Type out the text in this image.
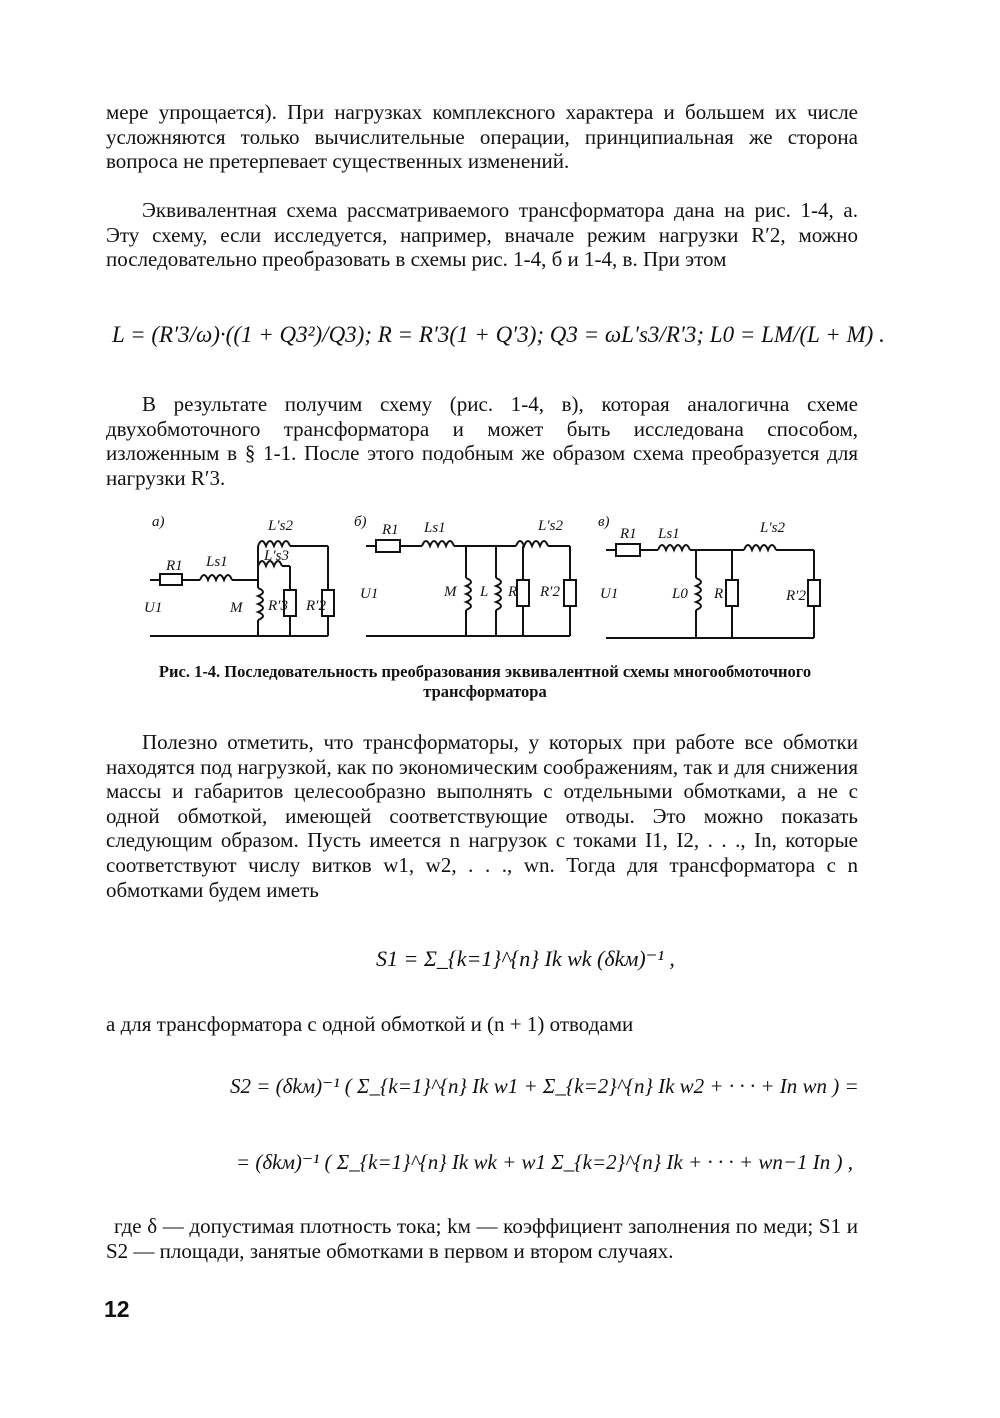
мере упрощается). При нагрузках комплексного характера и большем их числе усложняются только вычислительные операции, принципиальная же сторона вопроса не претерпевает существенных изменений.

Эквивалентная схема рассматриваемого трансформатора дана на рис. 1-4, а. Эту схему, если исследуется, например, вначале режим нагрузки R′2, можно последовательно преобразовать в схемы рис. 1-4, б и 1-4, в. При этом

L = (R′3/ω)·((1 + Q3²)/Q3); R = R′3(1 + Q′3); Q3 = ωL′s3/R′3; L0 = LM/(L + M) .

В результате получим схему (рис. 1-4, в), которая аналогична схеме двухобмоточного трансформатора и может быть исследована способом, изложенным в § 1-1. После этого подобным же образом схема преобразуется для нагрузки R′3.

а)
R1 Ls1
L′s2
L′s3
U1	M R′3 R′2
б) R1 Ls1	L′s2
U1	M L R R′2
в)
R1 Ls1	L′s2
U1	L0 R	R′2

Рис. 1-4. Последовательность преобразования эквивалентной схемы многообмоточного трансформатора

Полезно отметить, что трансформаторы, у которых при работе все обмотки находятся под нагрузкой, как по экономическим соображениям, так и для снижения массы и габаритов целесообразно выполнять с отдельными обмотками, а не с одной обмоткой, имеющей соответствующие отводы. Это можно показать следующим образом. Пусть имеется n нагрузок с токами I1, I2, . . ., In, которые соответствуют числу витков w1, w2, . . ., wn. Тогда для трансформатора с n обмотками будем иметь

S1 = Σ_{k=1}^{n} Ik wk (δkм)⁻¹ ,

а для трансформатора с одной обмоткой и (n + 1) отводами

S2 = (δkм)⁻¹ ( Σ_{k=1}^{n} Ik w1 + Σ_{k=2}^{n} Ik w2 + · · · + In wn ) =
= (δkм)⁻¹ ( Σ_{k=1}^{n} Ik wk + w1 Σ_{k=2}^{n} Ik + · · · + wn−1 In ) ,

где δ — допустимая плотность тока; kм — коэффициент заполнения по меди; S1 и S2 — площади, занятые обмотками в первом и втором случаях.

12
